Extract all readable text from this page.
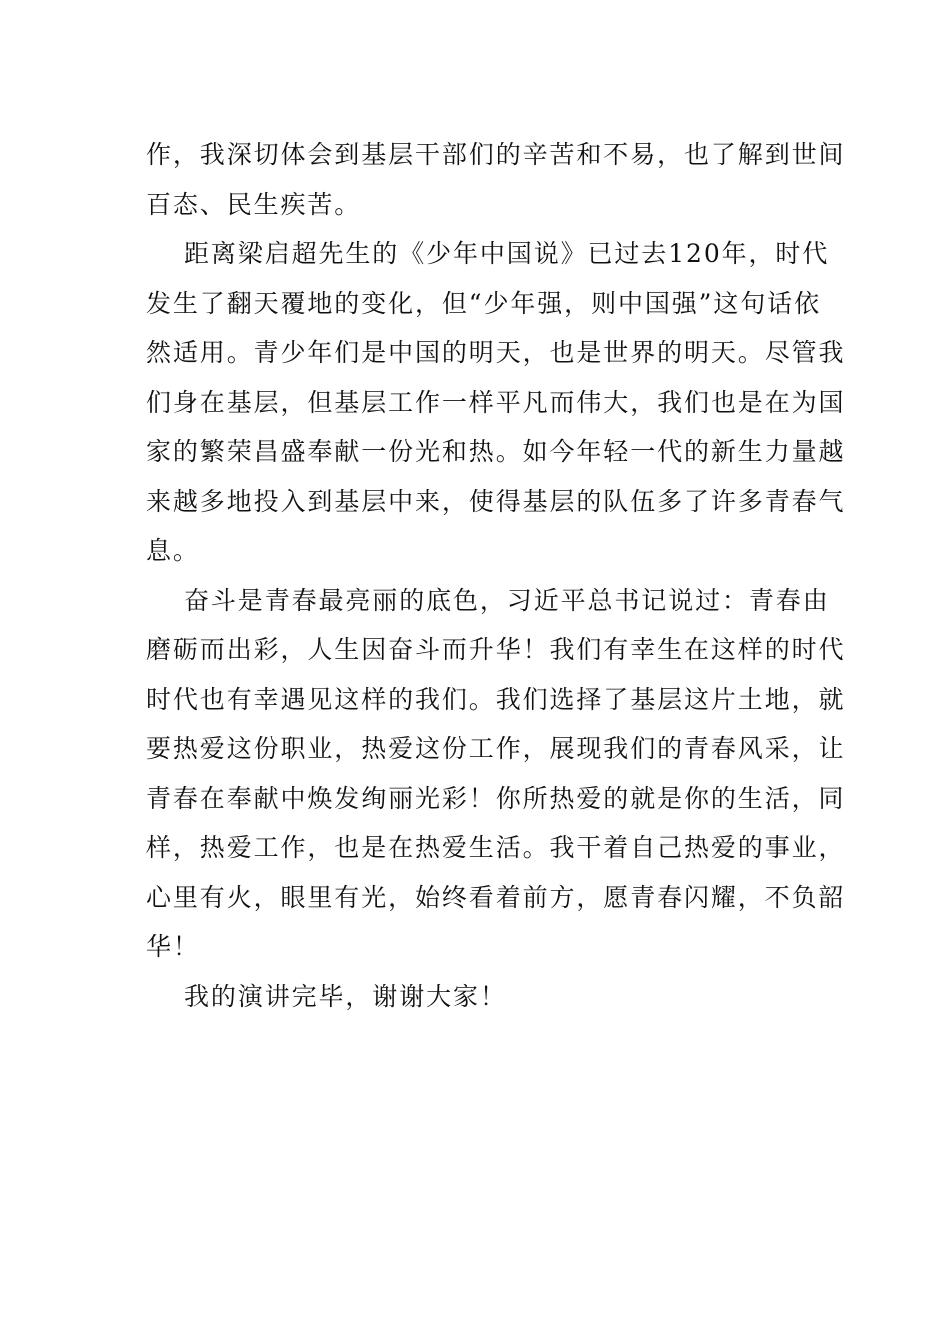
作，我深切体会到基层干部们的辛苦和不易，也了解到世间
百态、民生疾苦。
距离梁启超先生的《少年中国说》已过去120年，时代
发生了翻天覆地的变化，但“少年强，则中国强”这句话依
然适用。青少年们是中国的明天，也是世界的明天。尽管我
们身在基层，但基层工作一样平凡而伟大，我们也是在为国
家的繁荣昌盛奉献一份光和热。如今年轻一代的新生力量越
来越多地投入到基层中来，使得基层的队伍多了许多青春气
息。
奋斗是青春最亮丽的底色，习近平总书记说过：青春由
磨砺而出彩，人生因奋斗而升华！我们有幸生在这样的时代
时代也有幸遇见这样的我们。我们选择了基层这片土地，就
要热爱这份职业，热爱这份工作，展现我们的青春风采，让
青春在奉献中焕发绚丽光彩！你所热爱的就是你的生活，同
样，热爱工作，也是在热爱生活。我干着自己热爱的事业，
心里有火，眼里有光，始终看着前方，愿青春闪耀，不负韶
华！
我的演讲完毕，谢谢大家！
